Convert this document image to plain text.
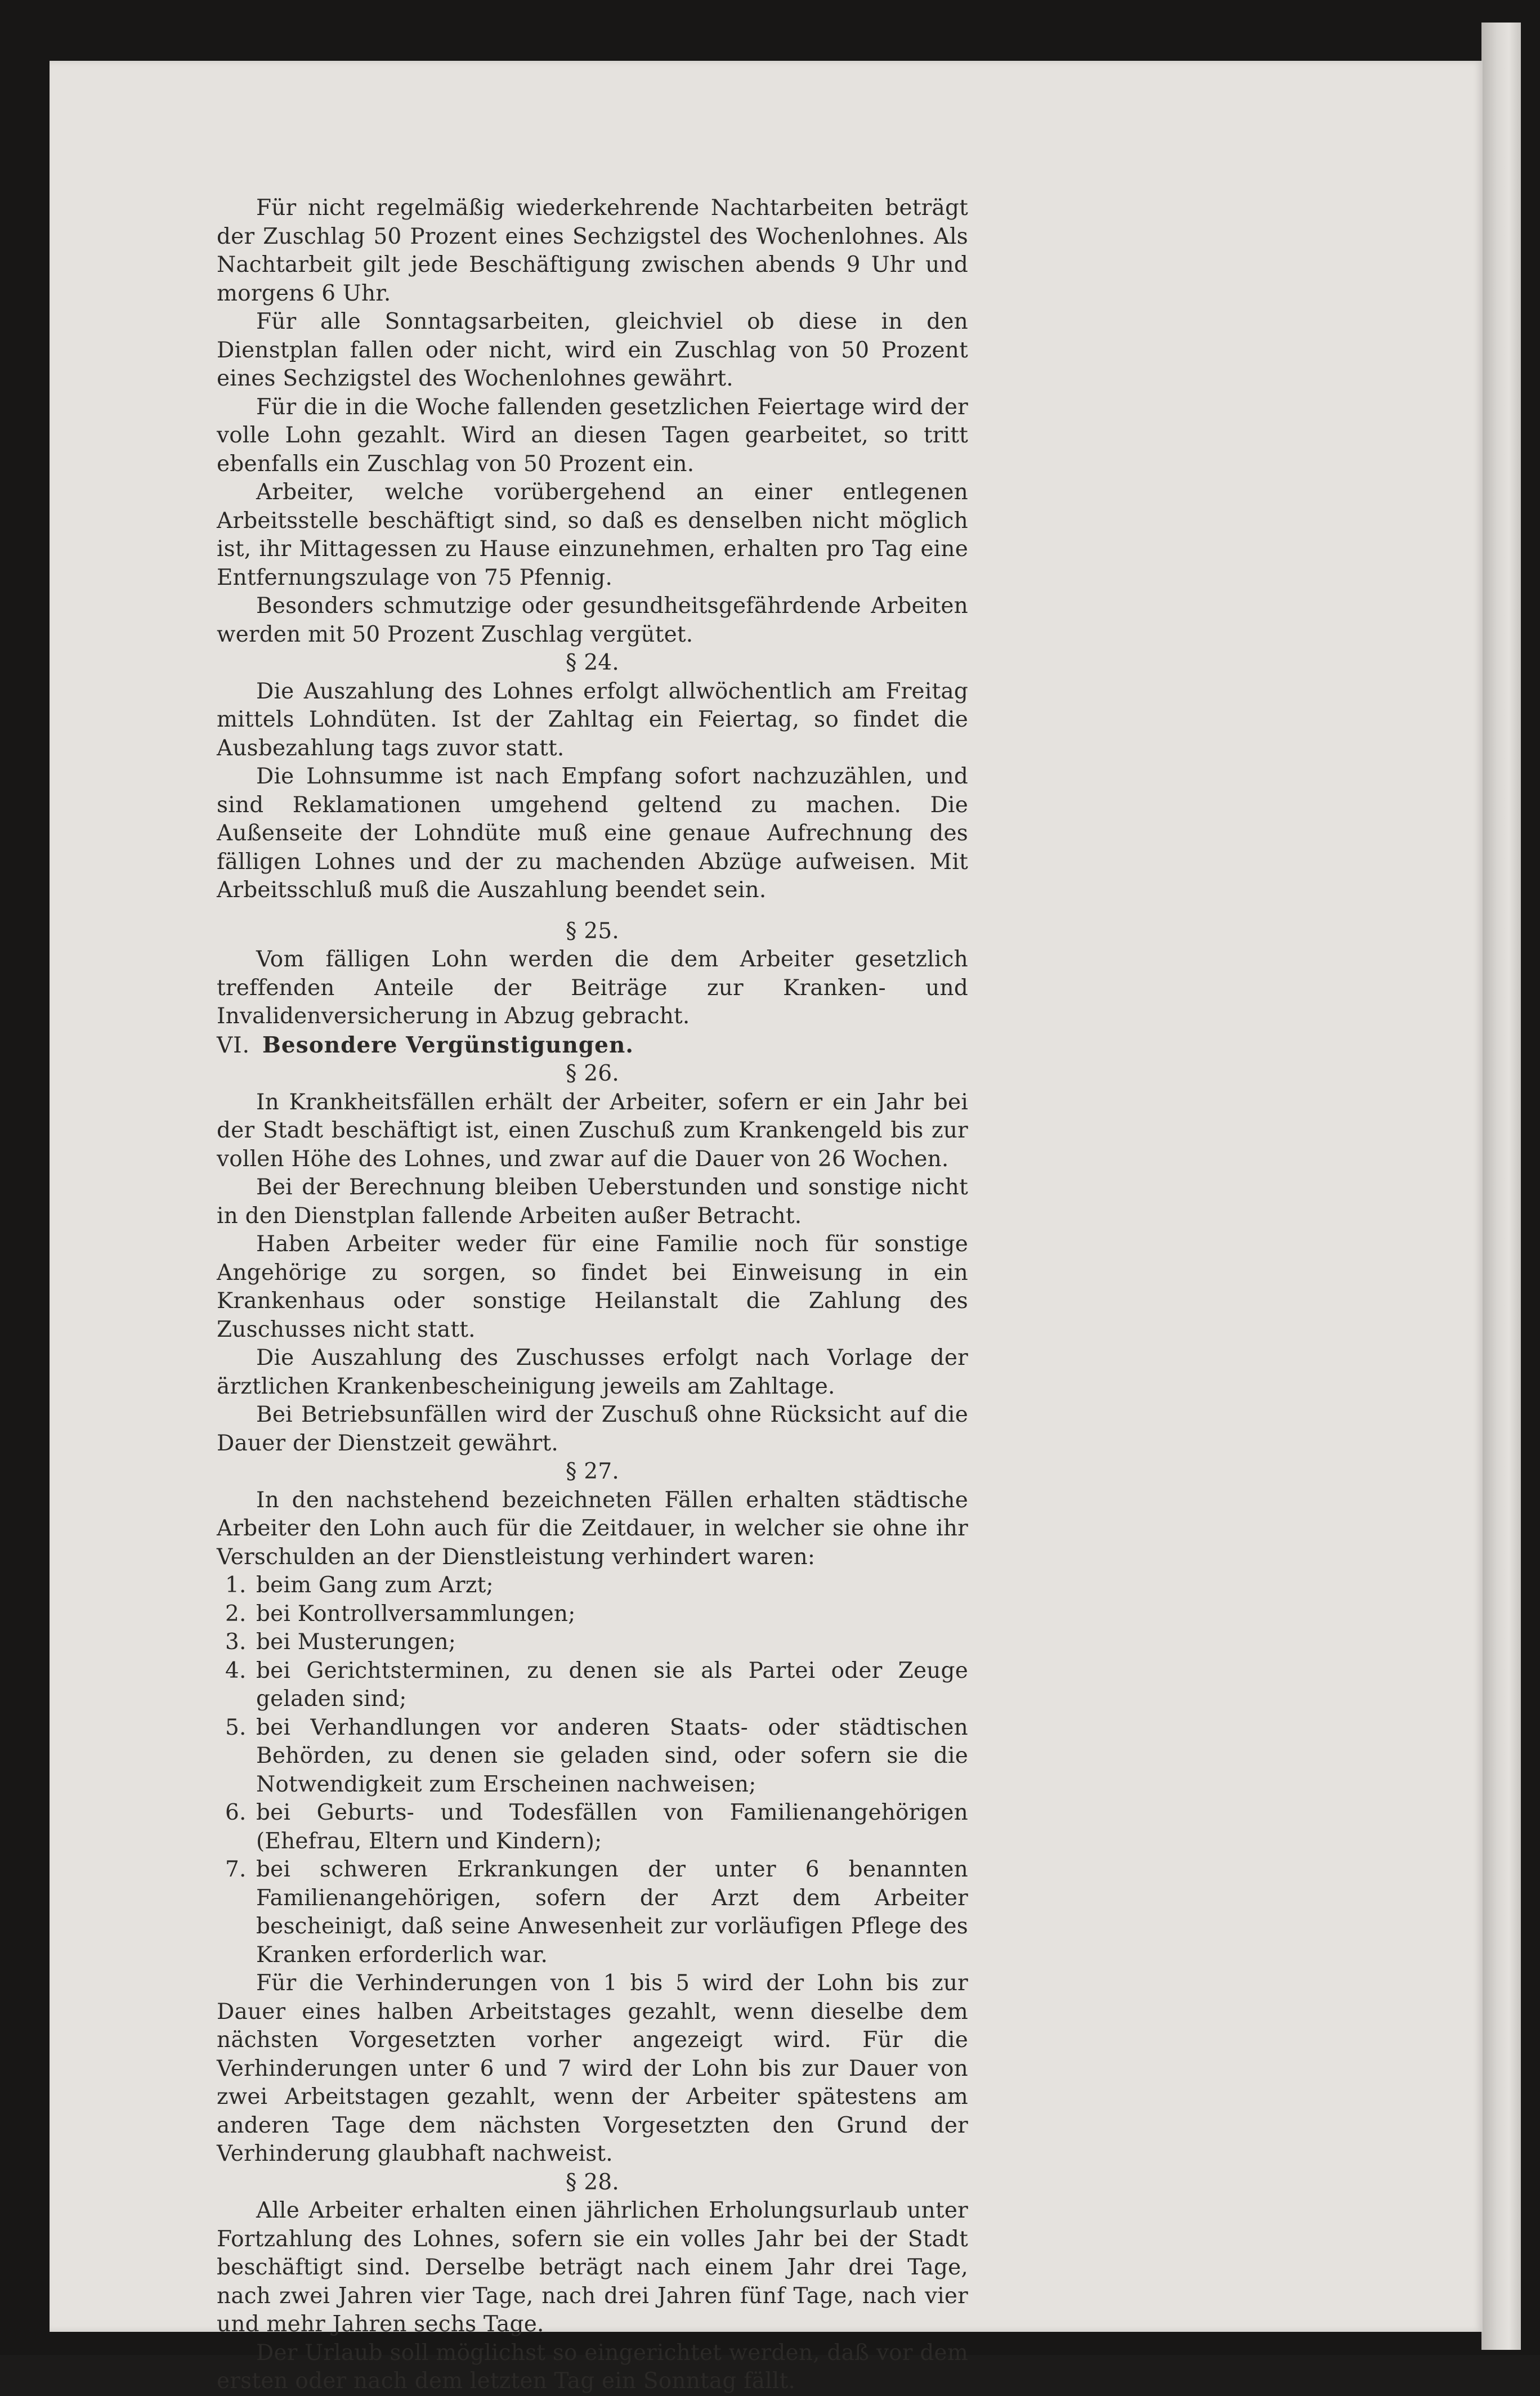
Für nicht regelmäßig wiederkehrende Nachtarbeiten beträgt der Zuschlag 50 Prozent eines Sechzigstel des Wochenlohnes. Als Nachtarbeit gilt jede Beschäftigung zwischen abends 9 Uhr und morgens 6 Uhr.

Für alle Sonntagsarbeiten, gleichviel ob diese in den Dienstplan fallen oder nicht, wird ein Zuschlag von 50 Prozent eines Sechzigstel des Wochenlohnes gewährt.

Für die in die Woche fallenden gesetzlichen Feiertage wird der volle Lohn gezahlt. Wird an diesen Tagen gearbeitet, so tritt ebenfalls ein Zuschlag von 50 Prozent ein.

Arbeiter, welche vorübergehend an einer entlegenen Arbeitsstelle beschäftigt sind, so daß es denselben nicht möglich ist, ihr Mittagessen zu Hause einzunehmen, erhalten pro Tag eine Entfernungszulage von 75 Pfennig.

Besonders schmutzige oder gesundheitsgefährdende Arbeiten werden mit 50 Prozent Zuschlag vergütet.

§ 24.

Die Auszahlung des Lohnes erfolgt allwöchentlich am Freitag mittels Lohndüten. Ist der Zahltag ein Feiertag, so findet die Ausbezahlung tags zuvor statt.

Die Lohnsumme ist nach Empfang sofort nachzuzählen, und sind Reklamationen umgehend geltend zu machen. Die Außenseite der Lohndüte muß eine genaue Aufrechnung des fälligen Lohnes und der zu machenden Abzüge aufweisen. Mit Arbeitsschluß muß die Auszahlung beendet sein.

§ 25.

Vom fälligen Lohn werden die dem Arbeiter gesetzlich treffenden Anteile der Beiträge zur Kranken- und Invalidenversicherung in Abzug gebracht.

VI. Besondere Vergünstigungen.

§ 26.

In Krankheitsfällen erhält der Arbeiter, sofern er ein Jahr bei der Stadt beschäftigt ist, einen Zuschuß zum Krankengeld bis zur vollen Höhe des Lohnes, und zwar auf die Dauer von 26 Wochen.

Bei der Berechnung bleiben Ueberstunden und sonstige nicht in den Dienstplan fallende Arbeiten außer Betracht.

Haben Arbeiter weder für eine Familie noch für sonstige Angehörige zu sorgen, so findet bei Einweisung in ein Krankenhaus oder sonstige Heilanstalt die Zahlung des Zuschusses nicht statt.

Die Auszahlung des Zuschusses erfolgt nach Vorlage der ärztlichen Krankenbescheinigung jeweils am Zahltage.

Bei Betriebsunfällen wird der Zuschuß ohne Rücksicht auf die Dauer der Dienstzeit gewährt.

§ 27.

In den nachstehend bezeichneten Fällen erhalten städtische Arbeiter den Lohn auch für die Zeitdauer, in welcher sie ohne ihr Verschulden an der Dienstleistung verhindert waren:

1. beim Gang zum Arzt;
2. bei Kontrollversammlungen;
3. bei Musterungen;
4. bei Gerichtsterminen, zu denen sie als Partei oder Zeuge geladen sind;
5. bei Verhandlungen vor anderen Staats- oder städtischen Behörden, zu denen sie geladen sind, oder sofern sie die Notwendigkeit zum Erscheinen nachweisen;
6. bei Geburts- und Todesfällen von Familienangehörigen (Ehefrau, Eltern und Kindern);
7. bei schweren Erkrankungen der unter 6 benannten Familienangehörigen, sofern der Arzt dem Arbeiter bescheinigt, daß seine Anwesenheit zur vorläufigen Pflege des Kranken erforderlich war.

Für die Verhinderungen von 1 bis 5 wird der Lohn bis zur Dauer eines halben Arbeitstages gezahlt, wenn dieselbe dem nächsten Vorgesetzten vorher angezeigt wird. Für die Verhinderungen unter 6 und 7 wird der Lohn bis zur Dauer von zwei Arbeitstagen gezahlt, wenn der Arbeiter spätestens am anderen Tage dem nächsten Vorgesetzten den Grund der Verhinderung glaubhaft nachweist.

§ 28.

Alle Arbeiter erhalten einen jährlichen Erholungsurlaub unter Fortzahlung des Lohnes, sofern sie ein volles Jahr bei der Stadt beschäftigt sind. Derselbe beträgt nach einem Jahr drei Tage, nach zwei Jahren vier Tage, nach drei Jahren fünf Tage, nach vier und mehr Jahren sechs Tage.

Der Urlaub soll möglichst so eingerichtet werden, daß vor dem ersten oder nach dem letzten Tag ein Sonntag fällt.
